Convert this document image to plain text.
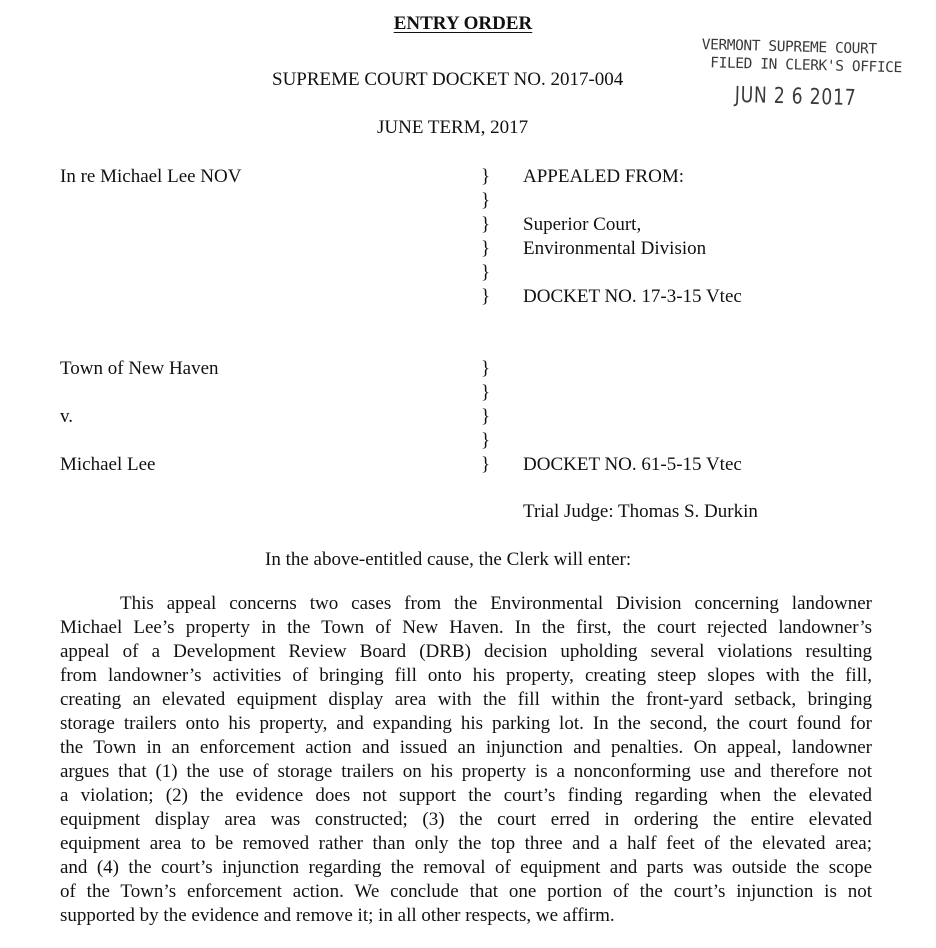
ENTRY ORDER
SUPREME COURT DOCKET NO. 2017-004
JUNE TERM, 2017
VERMONT SUPREME COURT
FILED IN CLERK'S OFFICE
JUN 2 6 2017
In re Michael Lee NOV	}
}
}
}
}
}
APPEALED FROM:
Superior Court,
Environmental Division
DOCKET NO. 17-3-15 Vtec
Town of New Haven
v.
Michael Lee
}
}
}
}
} DOCKET NO. 61-5-15 Vtec
Trial Judge: Thomas S. Durkin
In the above-entitled cause, the Clerk will enter:
This appeal concerns two cases from the Environmental Division concerning landowner
Michael Lee’s property in the Town of New Haven. In the first, the court rejected landowner’s
appeal of a Development Review Board (DRB) decision upholding several violations resulting
from landowner’s activities of bringing fill onto his property, creating steep slopes with the fill,
creating an elevated equipment display area with the fill within the front-yard setback, bringing
storage trailers onto his property, and expanding his parking lot. In the second, the court found for
the Town in an enforcement action and issued an injunction and penalties. On appeal, landowner
argues that (1) the use of storage trailers on his property is a nonconforming use and therefore not
a violation; (2) the evidence does not support the court’s finding regarding when the elevated
equipment display area was constructed; (3) the court erred in ordering the entire elevated
equipment area to be removed rather than only the top three and a half feet of the elevated area;
and (4) the court’s injunction regarding the removal of equipment and parts was outside the scope
of the Town’s enforcement action. We conclude that one portion of the court’s injunction is not
supported by the evidence and remove it; in all other respects, we affirm.
